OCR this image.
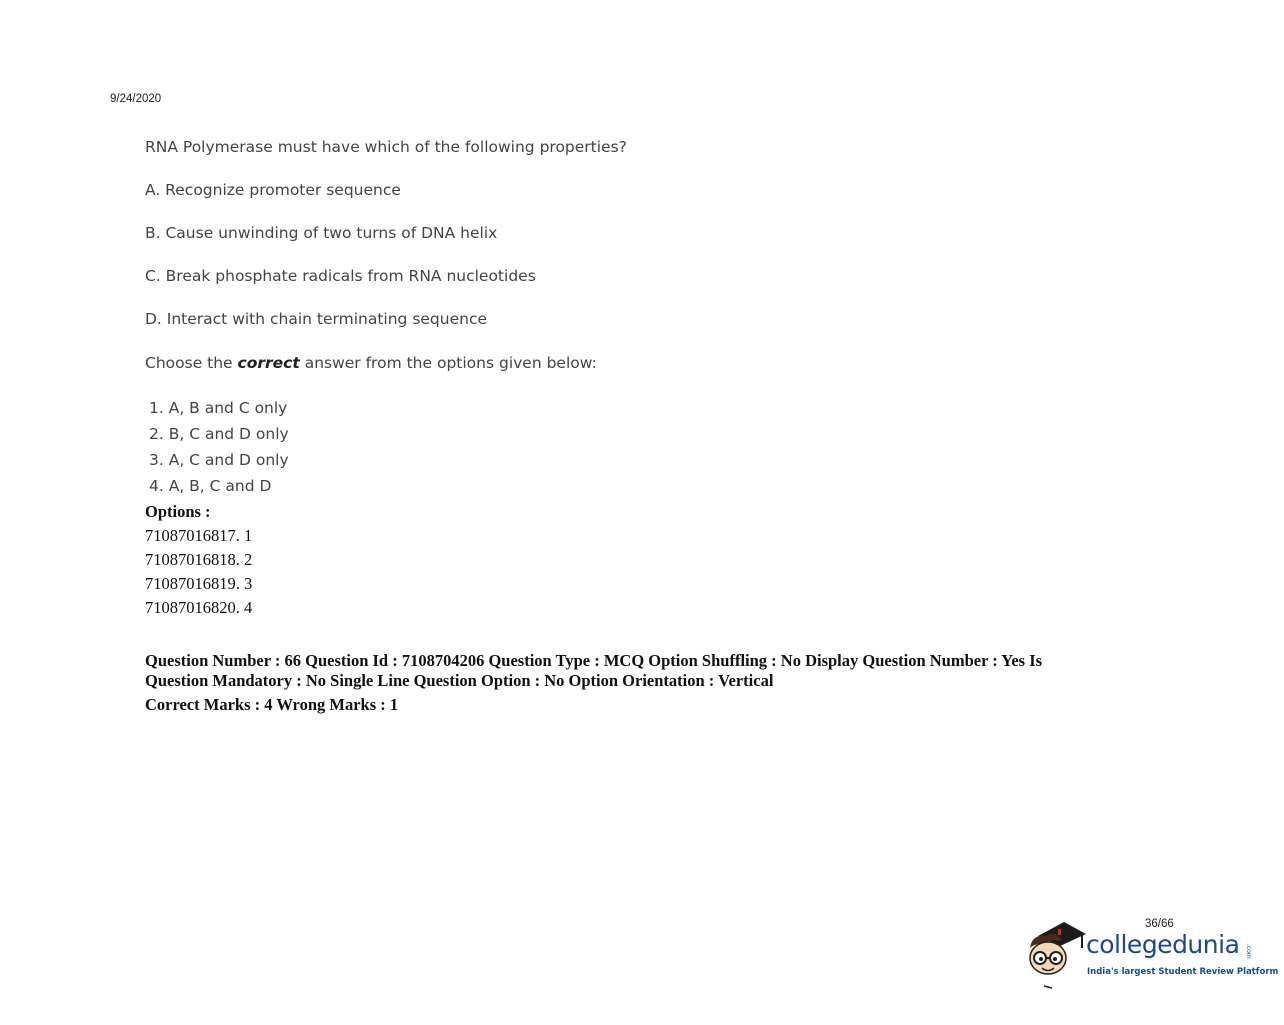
9/24/2020
RNA Polymerase must have which of the following properties?
A. Recognize promoter sequence
B. Cause unwinding of two turns of DNA helix
C. Break phosphate radicals from RNA nucleotides
D. Interact with chain terminating sequence
Choose the correct answer from the options given below:
1. A, B and C only
2. B, C and D only
3. A, C and D only
4. A, B, C and D
Options :
71087016817. 1
71087016818. 2
71087016819. 3
71087016820. 4
Question Number : 66 Question Id : 7108704206 Question Type : MCQ Option Shuffling : No Display Question Number : Yes Is
Question Mandatory : No Single Line Question Option : No Option Orientation : Vertical
Correct Marks : 4 Wrong Marks : 1
36/66
collegedunia .com
India's largest Student Review Platform
